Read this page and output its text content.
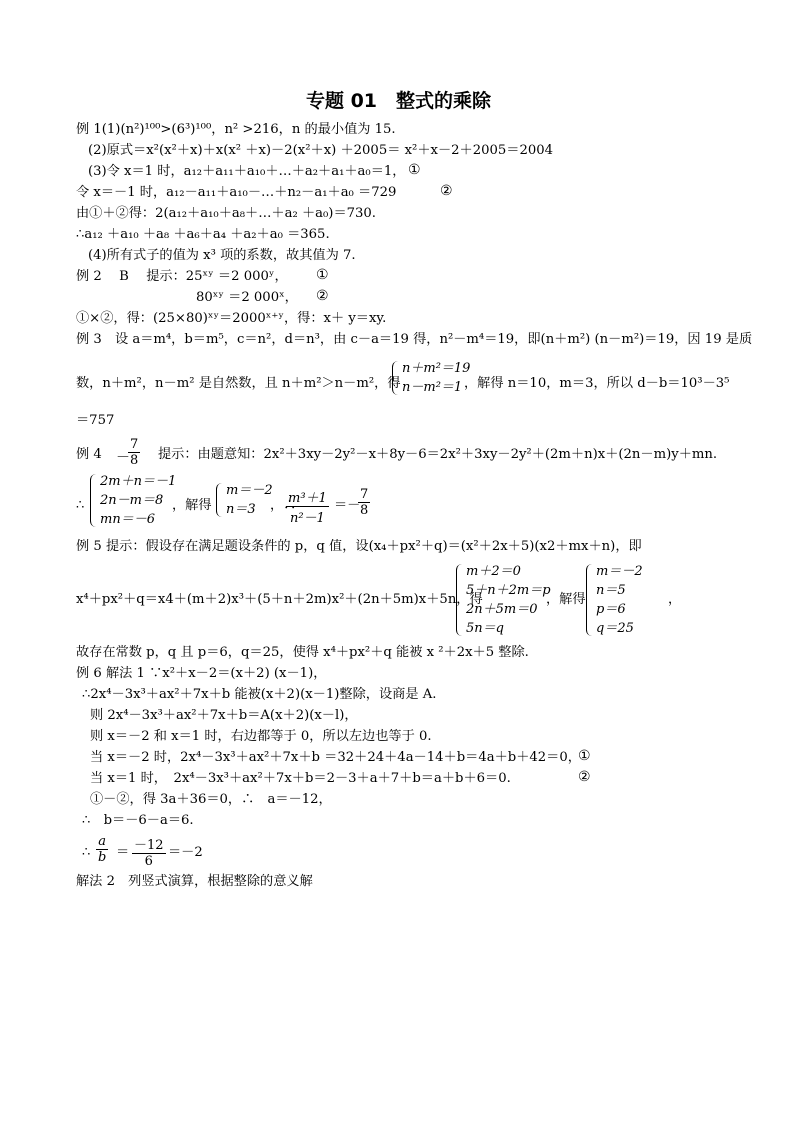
专题 01　整式的乘除
例 1(1)(n²)¹⁰⁰>(6³)¹⁰⁰，n² >216，n 的最小值为 15.
(2)原式＝x²(x²＋x)＋x(x² ＋x)－2(x²＋x) ＋2005＝ x²＋x－2＋2005＝2004
(3)令 x＝1 时，a₁₂＋a₁₁＋a₁₀＋…＋a₂＋a₁＋a₀＝1， ①
令 x＝－1 时，a₁₂－a₁₁＋a₁₀－…＋n₂－a₁＋a₀ ＝729	②
由①＋②得：2(a₁₂＋a₁₀＋a₈＋…＋a₂ ＋a₀)＝730.
∴a₁₂ ＋a₁₀ ＋a₈ ＋a₆＋a₄ ＋a₂＋a₀ ＝365.
(4)所有式子的值为 x³ 项的系数，故其值为 7.
例 2　 B　 提示：25ˣʸ ＝2 000ʸ， ①
80ˣʸ ＝2 000ˣ， ②
①×②，得：(25×80)ˣʸ＝2000ˣ⁺ʸ，得：x＋ y＝xy.
例 3　设 a＝m⁴，b＝m⁵，c＝n²，d＝n³，由 c－a＝19 得，n²－m⁴＝19，即(n＋m²) (n－m²)＝19，因 19 是质
数，n＋m²，n－m² 是自然数，且 n＋m²＞n－m²，得
n＋m²＝19
n－m²＝1 ，解得 n＝10，m＝3，所以 d－b＝10³－3⁵
＝757
例 4 －
$\frac{7}{8}$ 提示：由题意知：2x²＋3xy－2y²－x＋8y－6＝2x²＋3xy－2y²＋(2m＋n)x＋(2n－m)y＋mn.
∴
2m＋n＝－1
2n－m＝8
mn＝－6
，解得
m＝－2
n＝3	，∴
$\frac{\text{m³＋1}}{\text{n²－1}}$ ＝－
$\frac{7}{8}$
例 5 提示：假设存在满足题设条件的 p，q 值，设(x₄＋px²＋q)＝(x²＋2x＋5)(x2＋mx＋n)，即
x⁴＋px²＋q＝x4＋(m＋2)x³＋(5＋n＋2m)x²＋(2n＋5m)x＋5n，得
m＋2＝0
5＋n＋2m＝p
2n＋5m＝0
5n＝q
，解得
m＝－2
n＝5
p＝6
q＝25
，
故存在常数 p，q 且 p＝6，q＝25，使得 x⁴＋px²＋q 能被 x ²＋2x＋5 整除.
例 6 解法 1 ∵x²＋x－2＝(x＋2) (x－1)，
∴2x⁴－3x³＋ax²＋7x＋b 能被(x＋2)(x－1)整除，设商是 A.
则 2x⁴－3x³＋ax²＋7x＋b＝A(x＋2)(x－l)，
则 x＝－2 和 x＝1 时，右边都等于 0，所以左边也等于 0.
当 x＝－2 时，2x⁴－3x³＋ax²＋7x＋b ＝32＋24＋4a－14＋b＝4a＋b＋42＝0，
①
当 x＝1 时，　2x⁴－3x³＋ax²＋7x＋b＝2－3＋a＋7＋b＝a＋b＋6＝0.	②
①－②，得 3a＋36＝0，∴　a＝－12，
∴　b＝－6－a＝6.
∴ $\frac{a}{b} = \frac{-12}{6} =-2$
解法 2　列竖式演算，根据整除的意义解
